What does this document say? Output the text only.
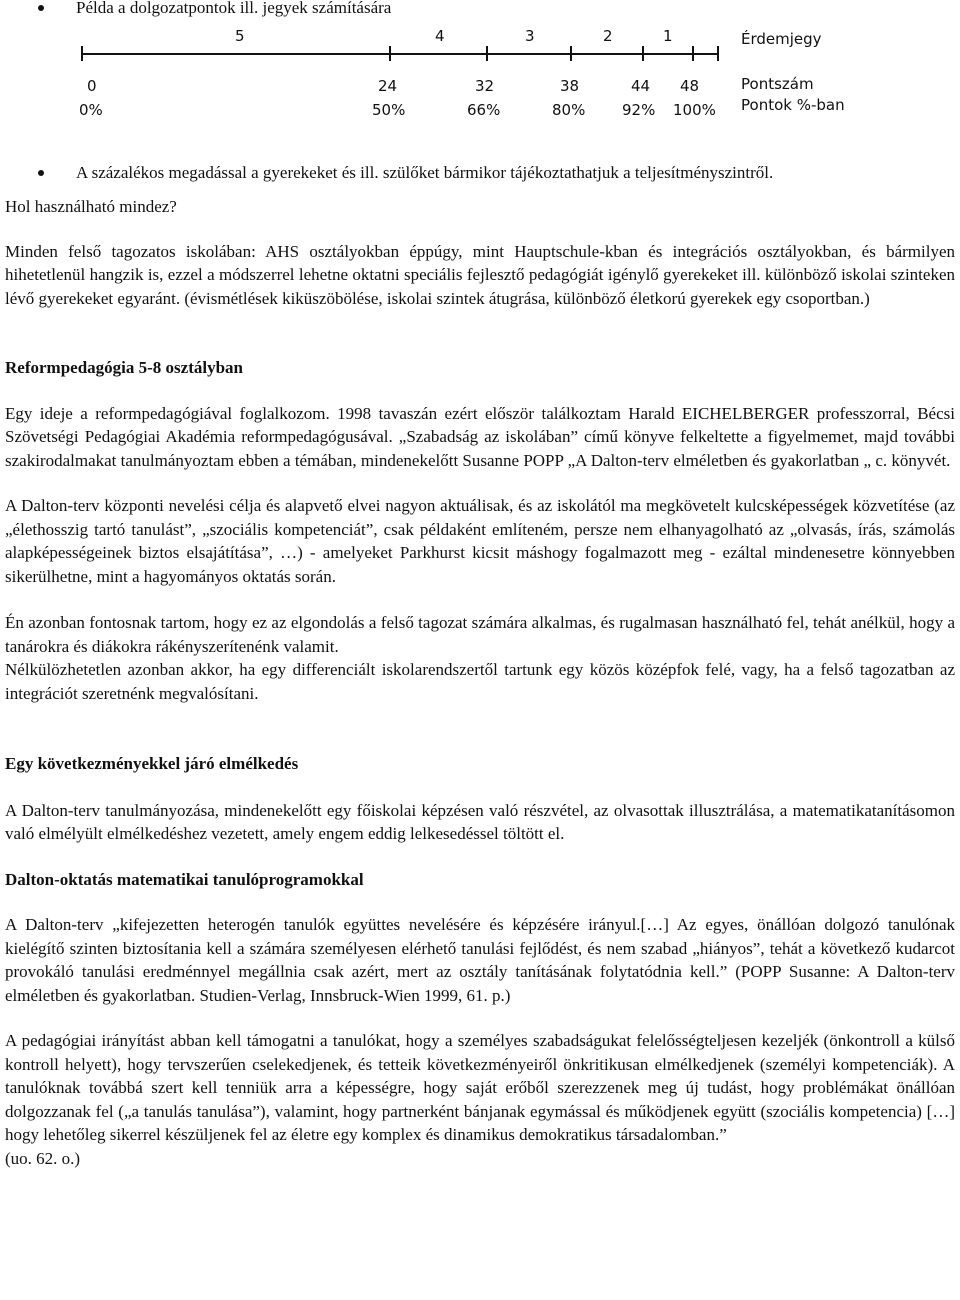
Példa a dolgozatpontok ill. jegyek számítására
5	4	3	2	1
0	24	32	38	44 48
0%	50%	66%	80% 92% 100%
Érdemjegy
Pontszám
Pontok %-ban
A százalékos megadással a gyerekeket és ill. szülőket bármikor tájékoztathatjuk a teljesítményszintről.

Hol használható mindez?

Minden felső tagozatos iskolában: AHS osztályokban éppúgy, mint Hauptschule-kban és integrációs osztályokban, és bármilyen hihetetlenül hangzik is, ezzel a módszerrel lehetne oktatni speciális fejlesztő pedagógiát igénylő gyerekeket ill. különböző iskolai szinteken lévő gyerekeket egyaránt. (évismétlések kiküszöbölése, iskolai szintek átugrása, különböző életkorú gyerekek egy csoportban.)

Reformpedagógia 5-8 osztályban

Egy ideje a reformpedagógiával foglalkozom. 1998 tavaszán ezért először találkoztam Harald EICHELBERGER professzorral, Bécsi Szövetségi Pedagógiai Akadémia reformpedagógusával. „Szabadság az iskolában” című könyve felkeltette a figyelmemet, majd további szakirodalmakat tanulmányoztam ebben a témában, mindenekelőtt Susanne POPP „A Dalton-terv elméletben és gyakorlatban „ c. könyvét.

A Dalton-terv központi nevelési célja és alapvető elvei nagyon aktuálisak, és az iskolától ma megkövetelt kulcsképességek közvetítése (az „élethosszig tartó tanulást”, „szociális kompetenciát”, csak példaként említeném, persze nem elhanyagolható az „olvasás, írás, számolás alapképességeinek biztos elsajátítása”, …) - amelyeket Parkhurst kicsit máshogy fogalmazott meg - ezáltal mindenesetre könnyebben sikerülhetne, mint a hagyományos oktatás során.

Én azonban fontosnak tartom, hogy ez az elgondolás a felső tagozat számára alkalmas, és rugalmasan használható fel, tehát anélkül, hogy a tanárokra és diákokra rákényszerítenénk valamit.

Nélkülözhetetlen azonban akkor, ha egy differenciált iskolarendszertől tartunk egy közös középfok felé, vagy, ha a felső tagozatban az integrációt szeretnénk megvalósítani.

Egy következményekkel járó elmélkedés

A Dalton-terv tanulmányozása, mindenekelőtt egy főiskolai képzésen való részvétel, az olvasottak illusztrálása, a matematikatanításomon való elmélyült elmélkedéshez vezetett, amely engem eddig lelkesedéssel töltött el.

Dalton-oktatás matematikai tanulóprogramokkal

A Dalton-terv „kifejezetten heterogén tanulók együttes nevelésére és képzésére irányul.[…] Az egyes, önállóan dolgozó tanulónak kielégítő szinten biztosítania kell a számára személyesen elérhető tanulási fejlődést, és nem szabad „hiányos”, tehát a következő kudarcot provokáló tanulási eredménnyel megállnia csak azért, mert az osztály tanításának folytatódnia kell.” (POPP Susanne: A Dalton-terv elméletben és gyakorlatban. Studien-Verlag, Innsbruck-Wien 1999, 61. p.)

A pedagógiai irányítást abban kell támogatni a tanulókat, hogy a személyes szabadságukat felelősségteljesen kezeljék (önkontroll a külső kontroll helyett), hogy tervszerűen cselekedjenek, és tetteik következményeiről önkritikusan elmélkedjenek (személyi kompetenciák). A tanulóknak továbbá szert kell tenniük arra a képességre, hogy saját erőből szerezzenek meg új tudást, hogy problémákat önállóan dolgozzanak fel („a tanulás tanulása”), valamint, hogy partnerként bánjanak egymással és működjenek együtt (szociális kompetencia) […] hogy lehetőleg sikerrel készüljenek fel az életre egy komplex és dinamikus demokratikus társadalomban.”

(uo. 62. o.)
